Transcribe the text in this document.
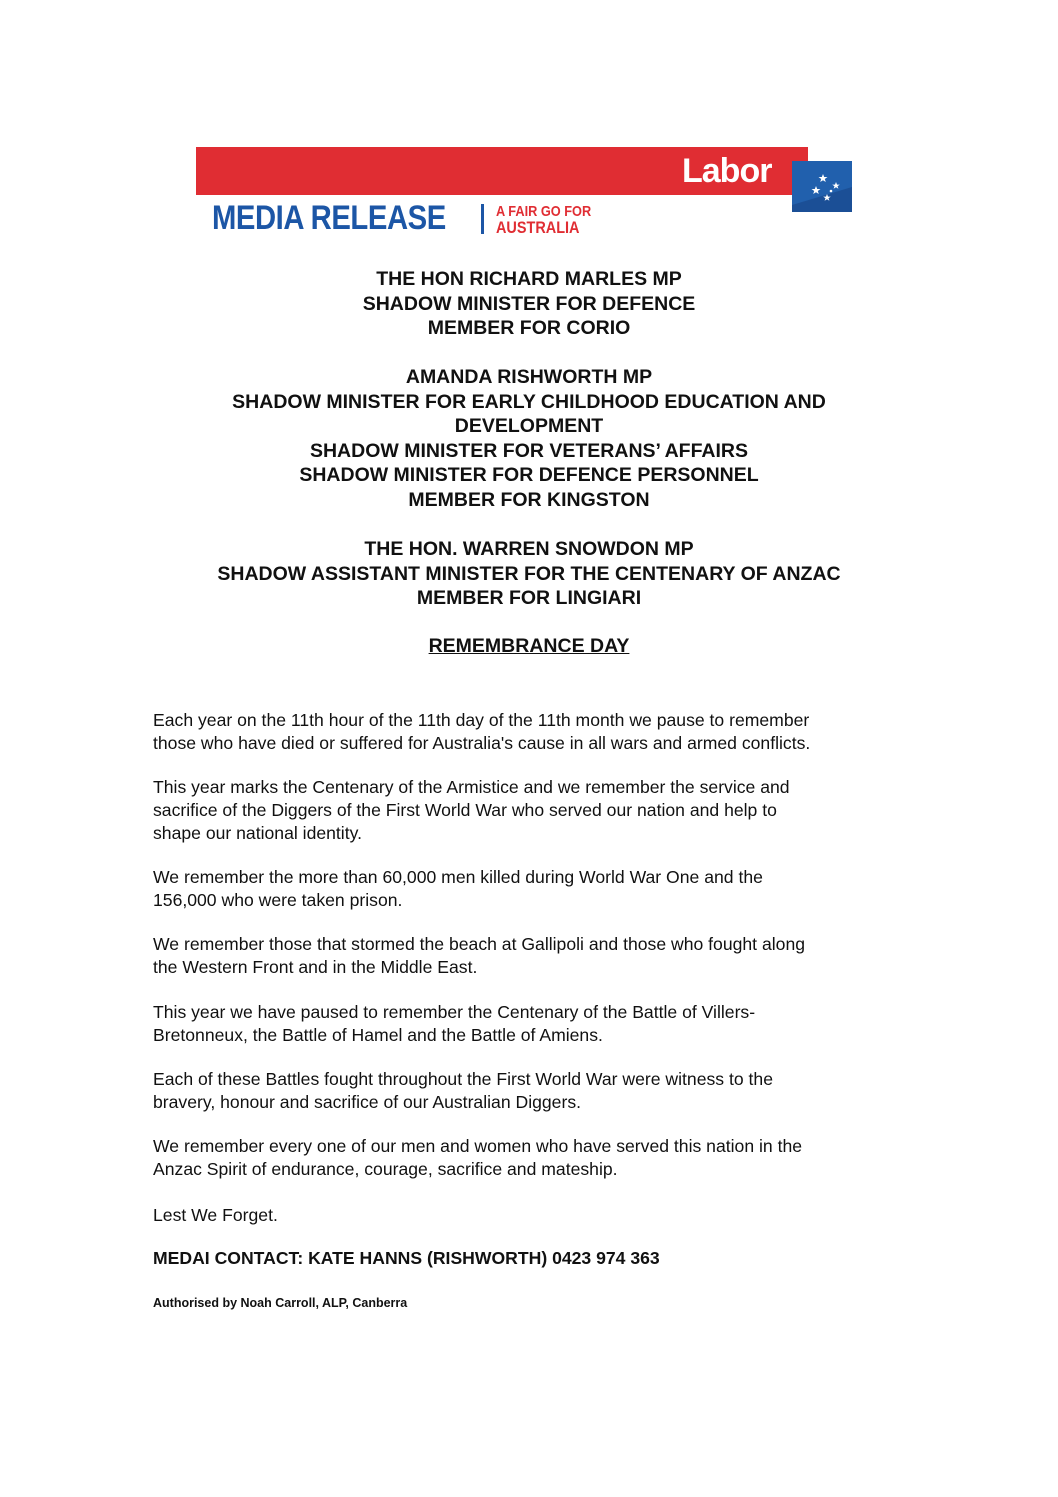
Labor
MEDIA RELEASE	A FAIR GO FOR
AUSTRALIA
THE HON RICHARD MARLES MP
SHADOW MINISTER FOR DEFENCE
MEMBER FOR CORIO
AMANDA RISHWORTH MP
SHADOW MINISTER FOR EARLY CHILDHOOD EDUCATION AND
DEVELOPMENT
SHADOW MINISTER FOR VETERANS’ AFFAIRS
SHADOW MINISTER FOR DEFENCE PERSONNEL
MEMBER FOR KINGSTON
THE HON. WARREN SNOWDON MP
SHADOW ASSISTANT MINISTER FOR THE CENTENARY OF ANZAC
MEMBER FOR LINGIARI
REMEMBRANCE DAY
Each year on the 11th hour of the 11th day of the 11th month we pause to remember
those who have died or suffered for Australia's cause in all wars and armed conflicts.
This year marks the Centenary of the Armistice and we remember the service and
sacrifice of the Diggers of the First World War who served our nation and help to
shape our national identity.
We remember the more than 60,000 men killed during World War One and the
156,000 who were taken prison.
We remember those that stormed the beach at Gallipoli and those who fought along
the Western Front and in the Middle East.
This year we have paused to remember the Centenary of the Battle of Villers-
Bretonneux, the Battle of Hamel and the Battle of Amiens.
Each of these Battles fought throughout the First World War were witness to the
bravery, honour and sacrifice of our Australian Diggers.
We remember every one of our men and women who have served this nation in the
Anzac Spirit of endurance, courage, sacrifice and mateship.
Lest We Forget.
MEDAI CONTACT: KATE HANNS (RISHWORTH) 0423 974 363
Authorised by Noah Carroll, ALP, Canberra
